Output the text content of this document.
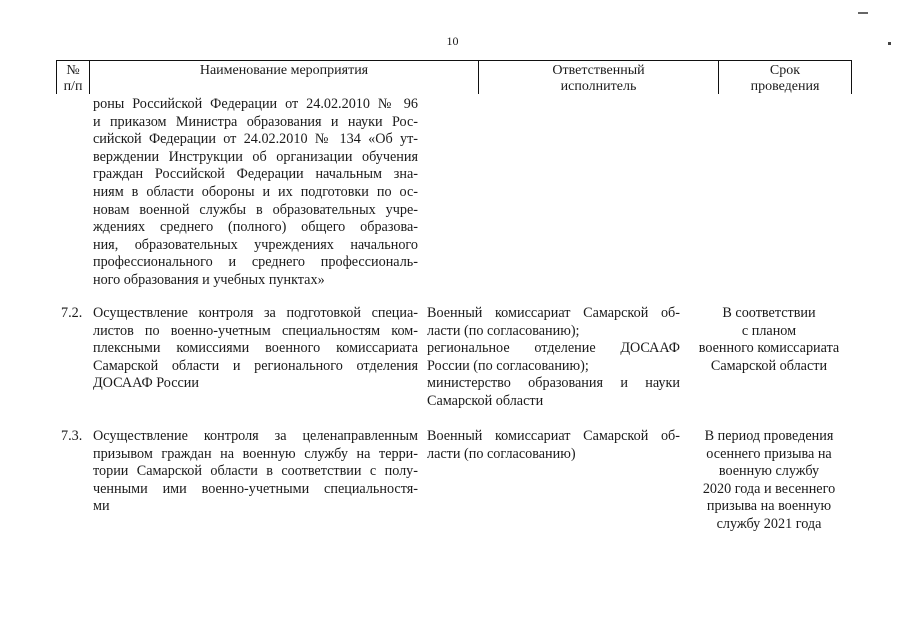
10
№
п/п
Наименование мероприятия	Ответственный
исполнитель
Срок
проведения
роны Российской Федерации от 24.02.2010 № 96
и приказом Министра образования и науки Рос-
сийской Федерации от 24.02.2010 № 134 «Об ут-
верждении Инструкции об организации обучения
граждан Российской Федерации начальным зна-
ниям в области обороны и их подготовки по ос-
новам военной службы в образовательных учре-
ждениях среднего (полного) общего образова-
ния, образовательных учреждениях начального
профессионального и среднего профессиональ-
ного образования и учебных пунктах»
7.2. Осуществление контроля за подготовкой специа-
листов по военно-учетным специальностям ком-
плексными комиссиями военного комиссариата
Самарской области и регионального отделения
ДОСААФ России
Военный комиссариат Самарской об-
ласти (по согласованию);
региональное отделение ДОСААФ
России (по согласованию);
министерство образования и науки
Самарской области
В соответствии
с планом
военного комиссариата
Самарской области
7.3. Осуществление контроля за целенаправленным
призывом граждан на военную службу на терри-
тории Самарской области в соответствии с полу-
ченными ими военно-учетными специальностя-
ми
Военный комиссариат Самарской об-
ласти (по согласованию)
В период проведения
осеннего призыва на
военную службу
2020 года и весеннего
призыва на военную
службу 2021 года
